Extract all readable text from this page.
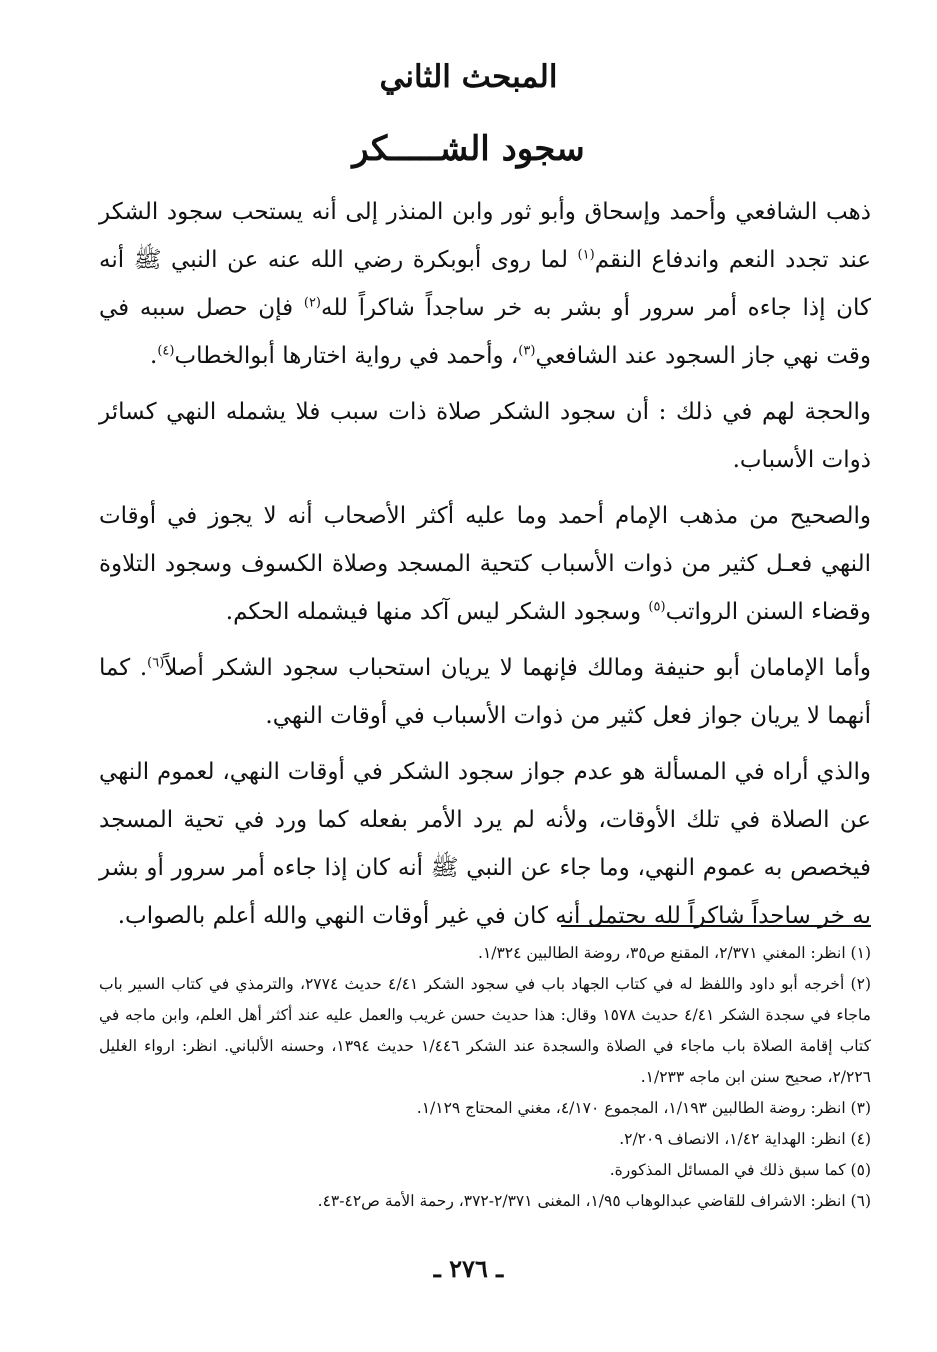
المبحث الثاني
سجود الشـــــكر

ذهب الشافعي وأحمد وإسحاق وأبو ثور وابن المنذر إلى أنه يستحب سجود الشكر عند تجدد النعم واندفاع النقم$^{(١)}$ لما روى أبوبكرة رضي الله عنه عن النبي ﷺ أنه كان إذا جاءه أمر سرور أو بشر به خر ساجداً شاكراً لله$^{(٢)}$ فإن حصل سببه في وقت نهي جاز السجود عند الشافعي$^{(٣)}$، وأحمد في رواية اختارها أبوالخطاب$^{(٤)}$.

والحجة لهم في ذلك : أن سجود الشكر صلاة ذات سبب فلا يشمله النهي كسائر ذوات الأسباب.

والصحيح من مذهب الإمام أحمد وما عليه أكثر الأصحاب أنه لا يجوز في أوقات النهي فعـل كثير من ذوات الأسباب كتحية المسجد وصلاة الكسوف وسجود التلاوة وقضاء السنن الرواتب$^{(٥)}$ وسجود الشكر ليس آكد منها فيشمله الحكم.

وأما الإمامان أبو حنيفة ومالك فإنهما لا يريان استحباب سجود الشكر أصلاً$^{(٦)}$. كما أنهما لا يريان جواز فعل كثير من ذوات الأسباب في أوقات النهي.

والذي أراه في المسألة هو عدم جواز سجود الشكر في أوقات النهي، لعموم النهي عن الصلاة في تلك الأوقات، ولأنه لم يرد الأمر بفعله كما ورد في تحية المسجد فيخصص به عموم النهي، وما جاء عن النبي ﷺ أنه كان إذا جاءه أمر سرور أو بشر به خر ساجداً شاكراً لله يحتمل أنه كان في غير أوقات النهي والله أعلم بالصواب.

(١) انظر: المغني ٢/٣٧١، المقنع ص٣٥، روضة الطالبين ١/٣٢٤.

(٢) أخرجه أبو داود واللفظ له في كتاب الجهاد باب في سجود الشكر ٤/٤١ حديث ٢٧٧٤، والترمذي في كتاب السير باب ماجاء في سجدة الشكر ٤/٤١ حديث ١٥٧٨ وقال: هذا حديث حسن غريب والعمل عليه عند أكثر أهل العلم، وابن ماجه في كتاب إقامة الصلاة باب ماجاء في الصلاة والسجدة عند الشكر ١/٤٤٦ حديث ١٣٩٤، وحسنه الألباني. انظر: ارواء الغليل ٢/٢٢٦، صحيح سنن ابن ماجه ١/٢٣٣.

(٣) انظر: روضة الطالبين ١/١٩٣، المجموع ٤/١٧٠، مغني المحتاج ١/١٢٩.

(٤) انظر: الهداية ١/٤٢، الانصاف ٢/٢٠٩.

(٥) كما سبق ذلك في المسائل المذكورة.

(٦) انظر: الاشراف للقاضي عبدالوهاب ١/٩٥، المغنى ٢/٣٧١-٣٧٢، رحمة الأمة ص٤٢-٤٣.

ـ ٢٧٦ ـ
